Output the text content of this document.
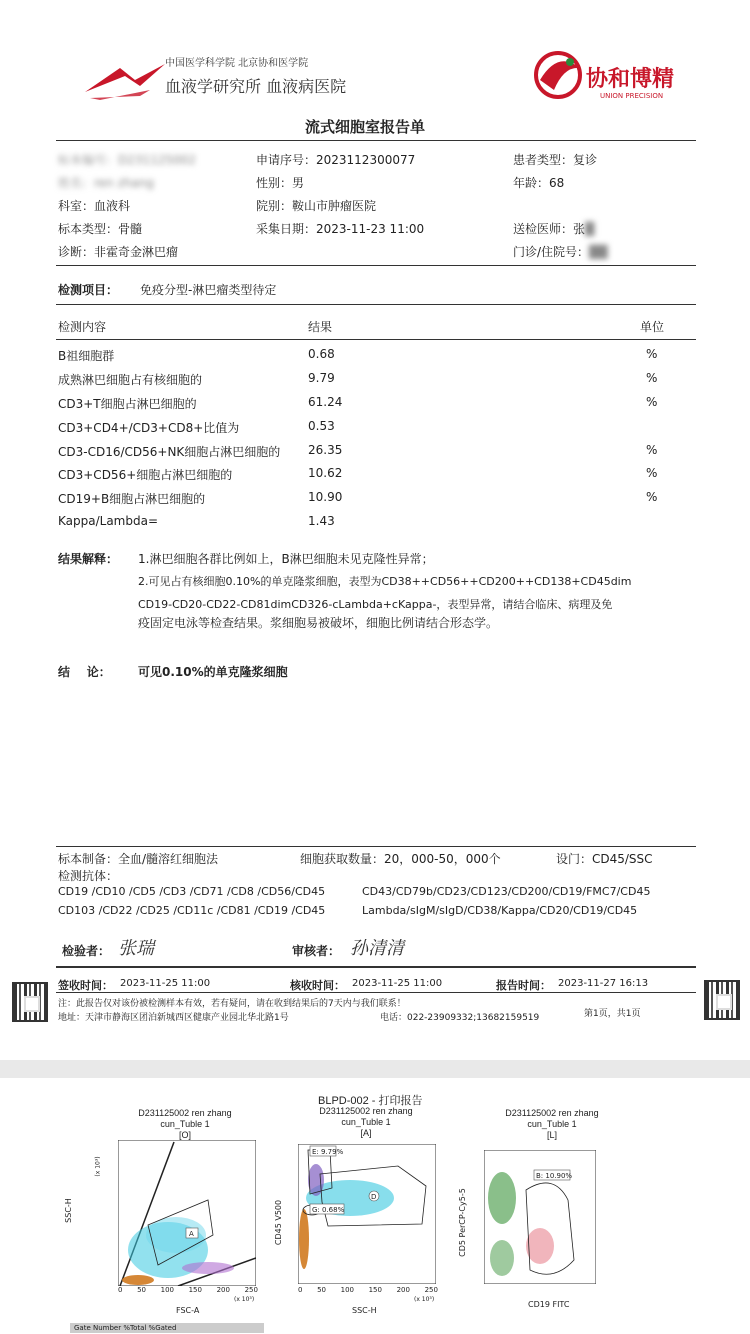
中国医学科学院 北京协和医学院
血液学研究所 血液病医院	协和博精
UNION PRECISION
流式细胞室报告单
标本编号：D231125002	申请序号：2023112300077	患者类型：复诊
姓名：ren zhang	性别：男	年龄：68
科室：血液科	院别：鞍山市肿瘤医院
标本类型：骨髓	采集日期：2023-11-23 11:00	送检医师：张█
诊断：非霍奇金淋巴瘤	门诊/住院号：██
检测项目： 免疫分型-淋巴瘤类型待定
检测内容	结果	单位
B祖细胞群	0.68	%
成熟淋巴细胞占有核细胞的	9.79	%
CD3+T细胞占淋巴细胞的	61.24	%
CD3+CD4+/CD3+CD8+比值为	0.53
CD3-CD16/CD56+NK细胞占淋巴细胞的 26.35	%
CD3+CD56+细胞占淋巴细胞的	10.62	%
CD19+B细胞占淋巴细胞的	10.90	%
Kappa/Lambda=	1.43
结果解释： 1.淋巴细胞各群比例如上，B淋巴细胞未见克隆性异常；
2.可见占有核细胞0.10%的单克隆浆细胞，表型为CD38++CD56++CD200++CD138+CD45dim
CD19-CD20-CD22-CD81dimCD326-cLambda+cKappa-，表型异常，请结合临床、病理及免
疫固定电泳等检查结果。浆细胞易被破坏，细胞比例请结合形态学。
结    论： 可见0.10%的单克隆浆细胞
标本制备：全血/髓溶红细胞法	细胞获取数量：20，000-50，000个	设门：CD45/SSC
检测抗体：
CD19 /CD10 /CD5 /CD3 /CD71 /CD8 /CD56/CD45	CD43/CD79b/CD23/CD123/CD200/CD19/FMC7/CD45
CD103 /CD22 /CD25 /CD11c /CD81 /CD19 /CD45	Lambda/sIgM/sIgD/CD38/Kappa/CD20/CD19/CD45
检验者： 张瑞	审核者： 孙清清
签收时间： 2023-11-25 11:00	核收时间： 2023-11-25 11:00	报告时间： 2023-11-27 16:13
注：此报告仅对该份被检测样本有效，若有疑问，请在收到结果后的7天内与我们联系！
地址：天津市静海区团泊新城西区健康产业园北华北路1号	电话：022-23909332;13682159519	第1页，共1页
BLPD-002 - 打印报告
D231125002 ren zhang
cun_Tuble 1
[O]
SSC-H
(x 10³)
A
0 50 100 150 200 250
(x 10³)
FSC-A
D231125002 ren zhang
cun_Tuble 1
[A]
CD45 V500
E: 9.79%
G: 0.68%
D
0 50 100 150 200 250
(x 10³)
SSC-H
D231125002 ren zhang
cun_Tuble 1
[L]
CD5 PerCP-Cy5-5
B: 10.90%
CD19 FITC
Gate Number %Total %Gated
